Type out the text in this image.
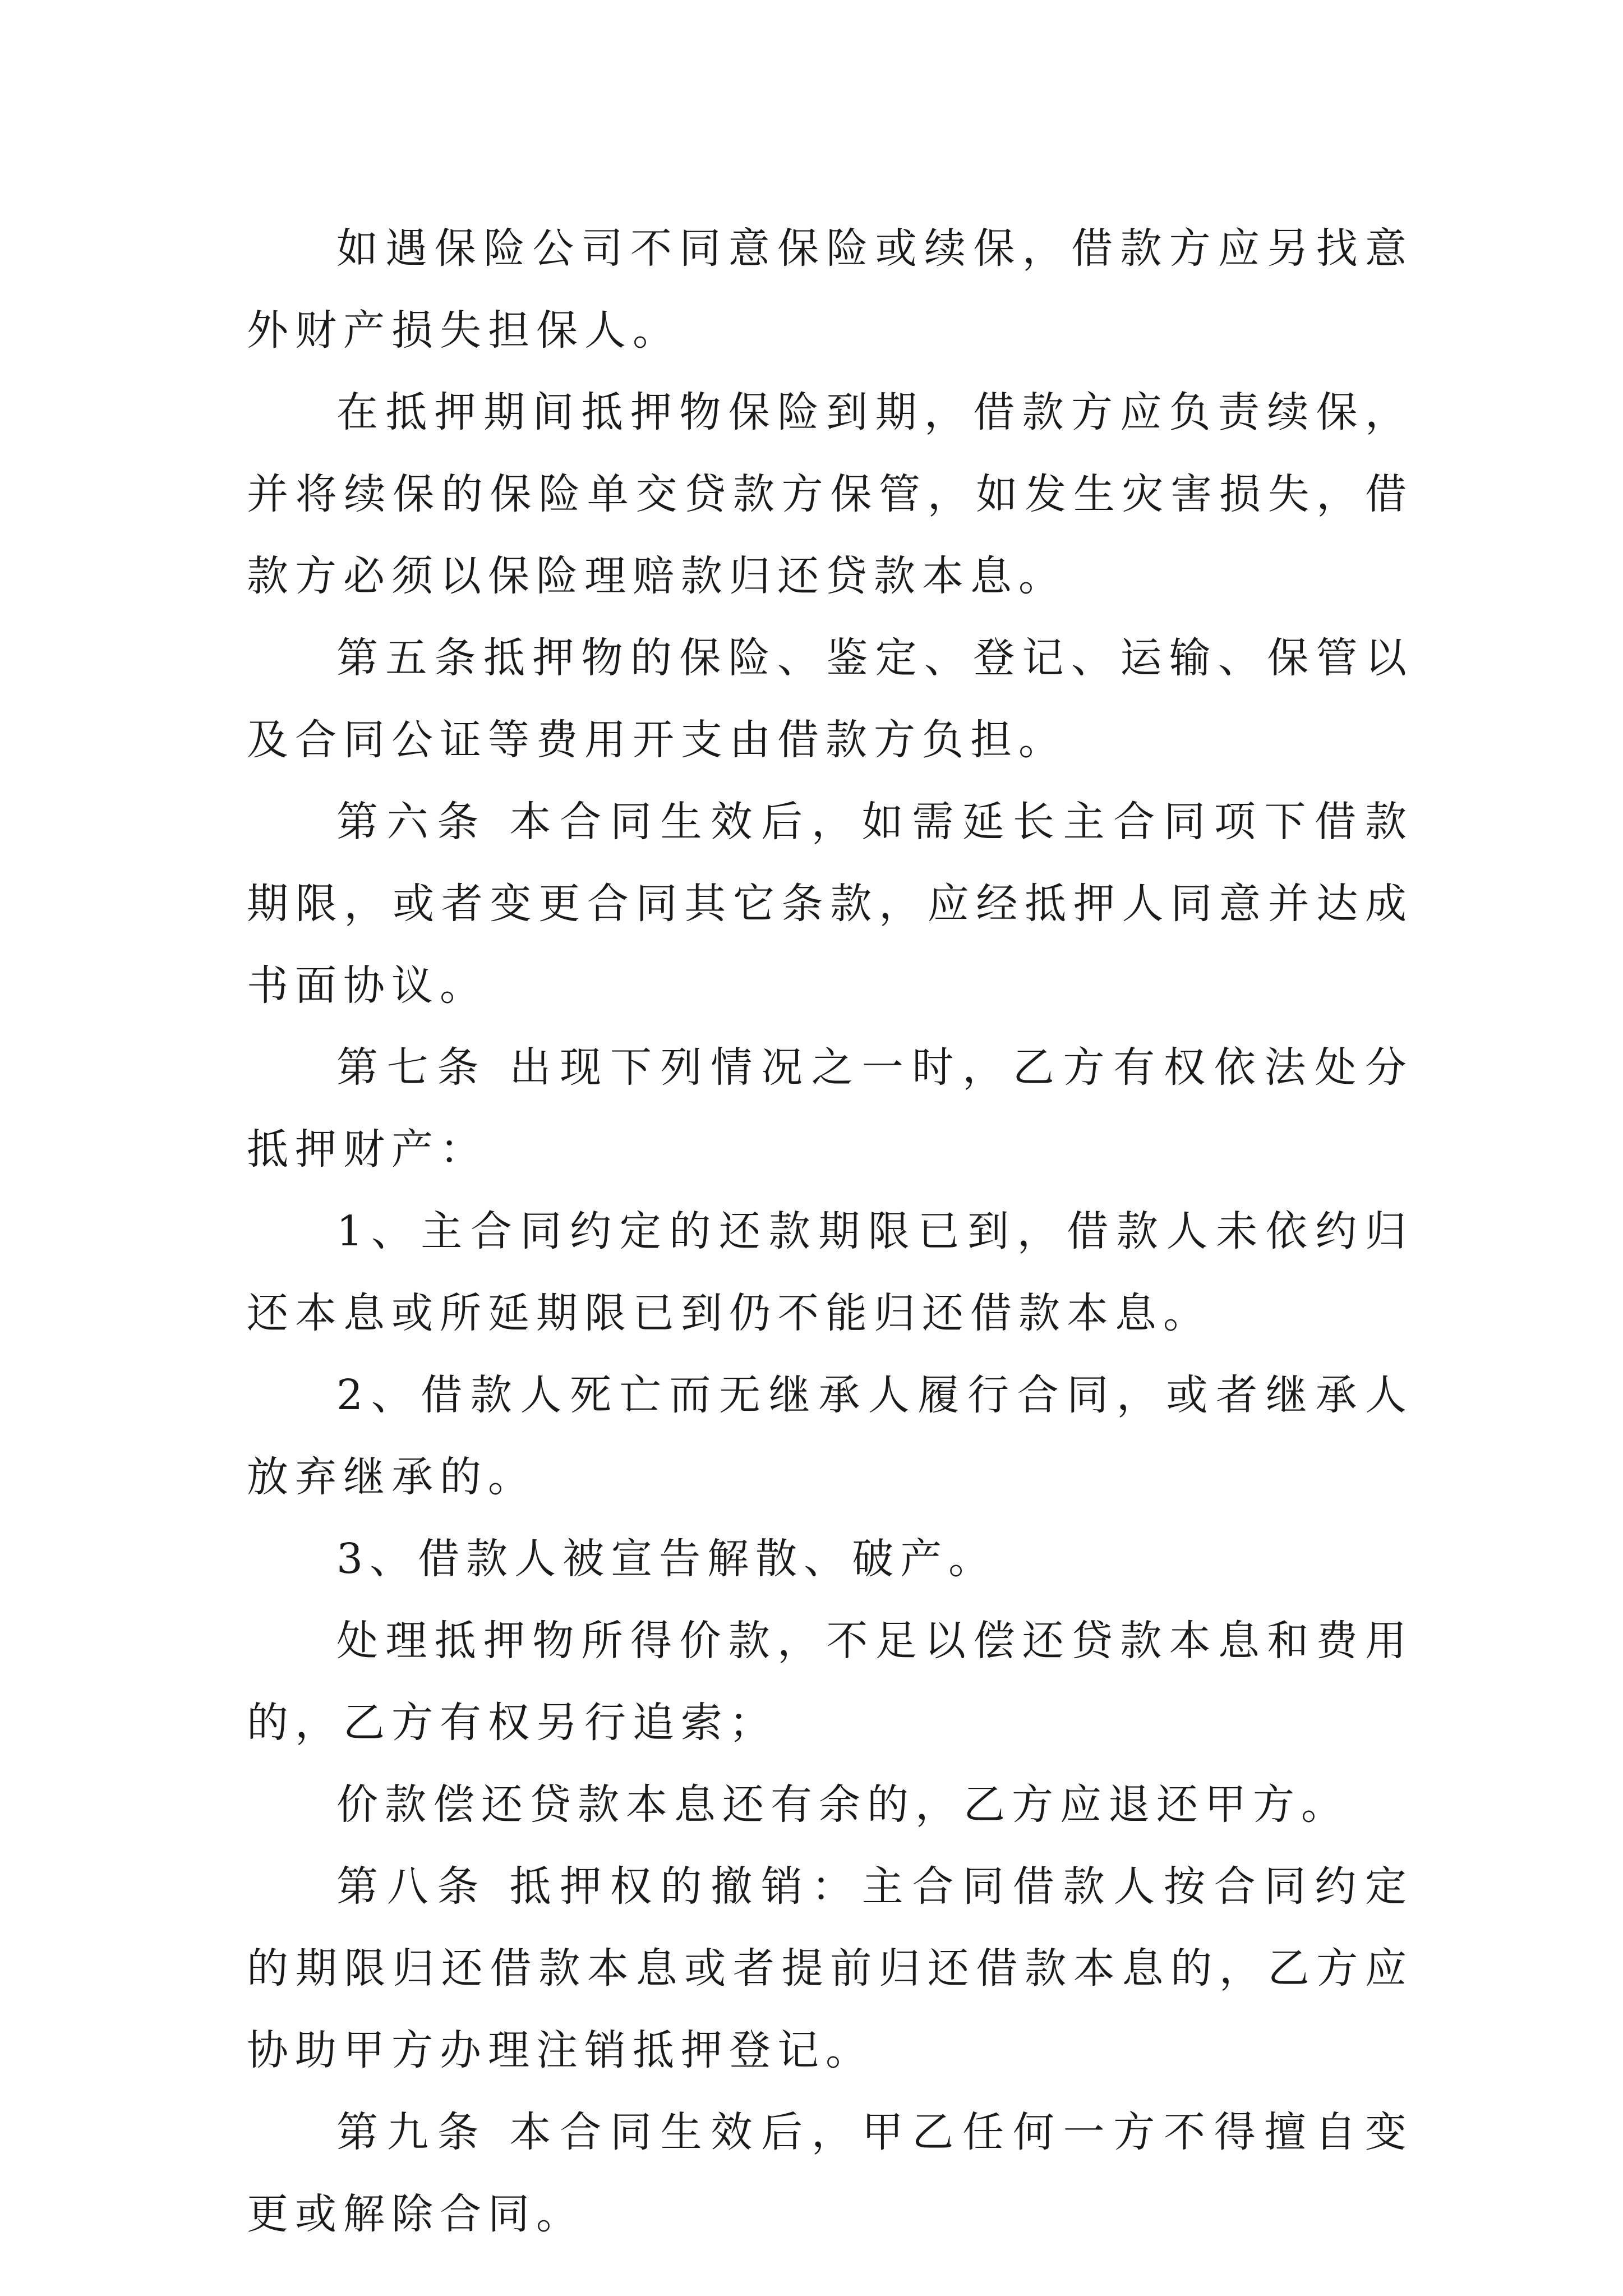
如遇保险公司不同意保险或续保，借款方应另找意外财产损失担保人。

在抵押期间抵押物保险到期，借款方应负责续保，并将续保的保险单交贷款方保管，如发生灾害损失，借款方必须以保险理赔款归还贷款本息。

第五条抵押物的保险、鉴定、登记、运输、保管以及合同公证等费用开支由借款方负担。

第六条 本合同生效后，如需延长主合同项下借款期限，或者变更合同其它条款，应经抵押人同意并达成书面协议。

第七条 出现下列情况之一时，乙方有权依法处分抵押财产：

1、主合同约定的还款期限已到，借款人未依约归还本息或所延期限已到仍不能归还借款本息。

2、借款人死亡而无继承人履行合同，或者继承人放弃继承的。

3、借款人被宣告解散、破产。

处理抵押物所得价款，不足以偿还贷款本息和费用的，乙方有权另行追索；

价款偿还贷款本息还有余的，乙方应退还甲方。

第八条 抵押权的撤销：主合同借款人按合同约定的期限归还借款本息或者提前归还借款本息的，乙方应协助甲方办理注销抵押登记。

第九条 本合同生效后，甲乙任何一方不得擅自变更或解除合同。
